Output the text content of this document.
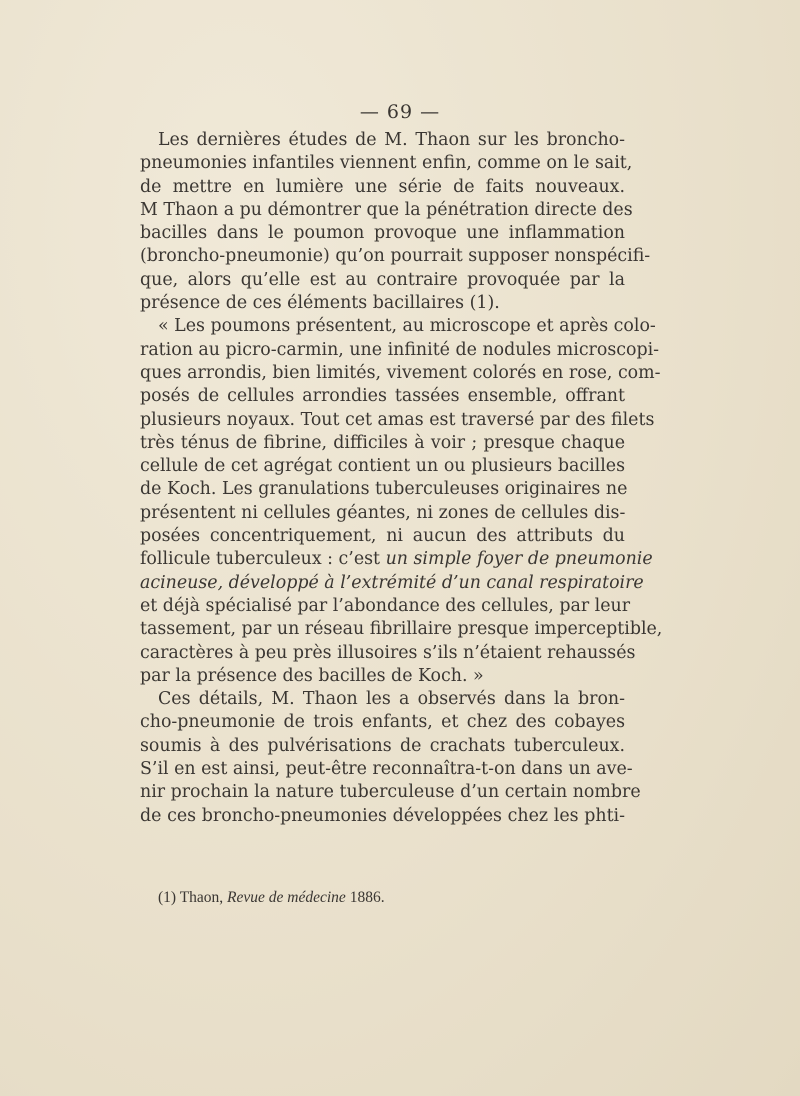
— 69 —
Les dernières études de M. Thaon sur les broncho-
pneumonies infantiles viennent enfin, comme on le sait,
de mettre en lumière une série de faits nouveaux.
M Thaon a pu démontrer que la pénétration directe des
bacilles dans le poumon provoque une inflammation
(broncho-pneumonie) qu’on pourrait supposer nonspécifi-
que, alors qu’elle est au contraire provoquée par la
présence de ces éléments bacillaires (1).
« Les poumons présentent, au microscope et après colo-
ration au picro-carmin, une infinité de nodules microscopi-
ques arrondis, bien limités, vivement colorés en rose, com-
posés de cellules arrondies tassées ensemble, offrant
plusieurs noyaux. Tout cet amas est traversé par des filets
très ténus de fibrine, difficiles à voir ; presque chaque
cellule de cet agrégat contient un ou plusieurs bacilles
de Koch. Les granulations tuberculeuses originaires ne
présentent ni cellules géantes, ni zones de cellules dis-
posées concentriquement, ni aucun des attributs du
follicule tuberculeux : c’est un simple foyer de pneumonie
acineuse, développé à l’extrémité d’un canal respiratoire
et déjà spécialisé par l’abondance des cellules, par leur
tassement, par un réseau fibrillaire presque imperceptible,
caractères à peu près illusoires s’ils n’étaient rehaussés
par la présence des bacilles de Koch. »
Ces détails, M. Thaon les a observés dans la bron-
cho-pneumonie de trois enfants, et chez des cobayes
soumis à des pulvérisations de crachats tuberculeux.
S’il en est ainsi, peut-être reconnaîtra-t-on dans un ave-
nir prochain la nature tuberculeuse d’un certain nombre
de ces broncho-pneumonies développées chez les phti-
(1) Thaon, Revue de médecine 1886.
